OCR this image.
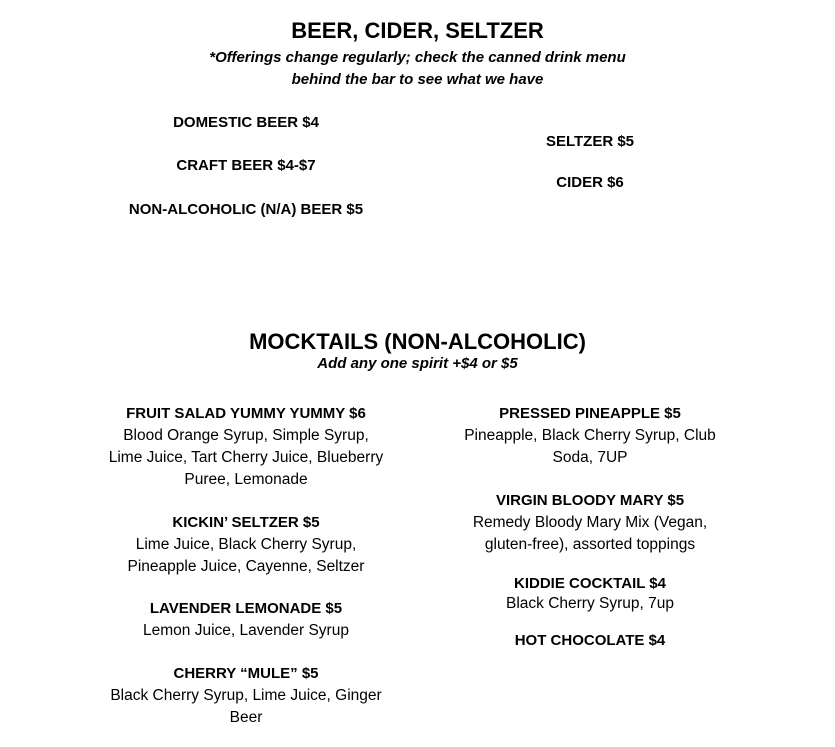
BEER, CIDER, SELTZER
*Offerings change regularly; check the canned drink menu
behind the bar to see what we have
DOMESTIC BEER $4
CRAFT BEER $4-$7
NON-ALCOHOLIC (N/A) BEER $5
SELTZER $5
CIDER $6
MOCKTAILS (NON-ALCOHOLIC)
Add any one spirit +$4 or $5
FRUIT SALAD YUMMY YUMMY $6
Blood Orange Syrup, Simple Syrup,
Lime Juice, Tart Cherry Juice, Blueberry
Puree, Lemonade
KICKIN’ SELTZER $5
Lime Juice, Black Cherry Syrup,
Pineapple Juice, Cayenne, Seltzer
LAVENDER LEMONADE $5
Lemon Juice, Lavender Syrup
CHERRY “MULE” $5
Black Cherry Syrup, Lime Juice, Ginger
Beer
PRESSED PINEAPPLE $5
Pineapple, Black Cherry Syrup, Club
Soda, 7UP
VIRGIN BLOODY MARY $5
Remedy Bloody Mary Mix (Vegan,
gluten-free), assorted toppings
KIDDIE COCKTAIL $4
Black Cherry Syrup, 7up
HOT CHOCOLATE $4
